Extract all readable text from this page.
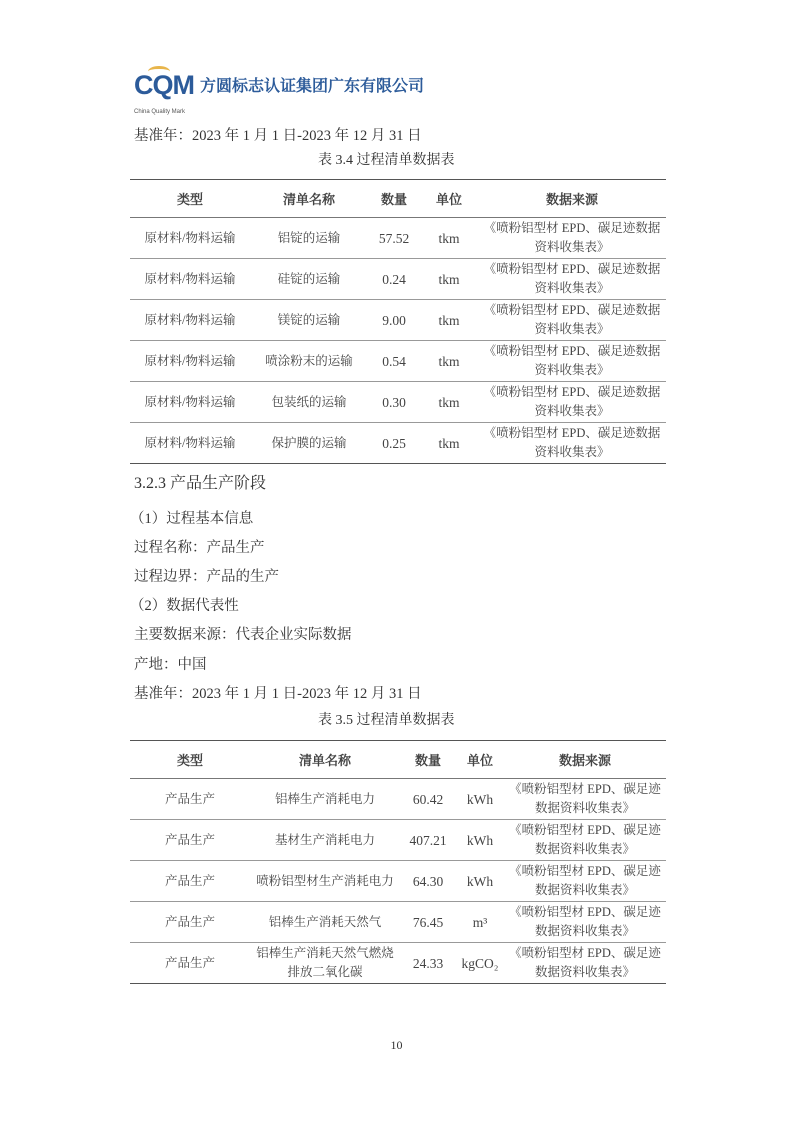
CQM
China Quality Mark
方圆标志认证集团广东有限公司
基准年：2023 年 1 月 1 日-2023 年 12 月 31 日
表 3.4 过程清单数据表
类型	清单名称	数量	单位	数据来源
原材料/物料运输	铝锭的运输	57.52	tkm	《喷粉铝型材 EPD、碳足迹数据资料收集表》
原材料/物料运输	硅锭的运输	0.24	tkm	《喷粉铝型材 EPD、碳足迹数据资料收集表》
原材料/物料运输	镁锭的运输	9.00	tkm	《喷粉铝型材 EPD、碳足迹数据资料收集表》
原材料/物料运输	喷涂粉末的运输	0.54	tkm	《喷粉铝型材 EPD、碳足迹数据资料收集表》
原材料/物料运输	包装纸的运输	0.30	tkm	《喷粉铝型材 EPD、碳足迹数据资料收集表》
原材料/物料运输	保护膜的运输	0.25	tkm	《喷粉铝型材 EPD、碳足迹数据资料收集表》
3.2.3 产品生产阶段
（1）过程基本信息
过程名称：产品生产
过程边界：产品的生产
（2）数据代表性
主要数据来源：代表企业实际数据
产地：中国
基准年：2023 年 1 月 1 日-2023 年 12 月 31 日
表 3.5 过程清单数据表
类型	清单名称	数量	单位	数据来源
产品生产	铝棒生产消耗电力	60.42	kWh	《喷粉铝型材 EPD、碳足迹数据资料收集表》
产品生产	基材生产消耗电力	407.21	kWh	《喷粉铝型材 EPD、碳足迹数据资料收集表》
产品生产	喷粉铝型材生产消耗电力	64.30	kWh	《喷粉铝型材 EPD、碳足迹数据资料收集表》
产品生产	铝棒生产消耗天然气	76.45	m³	《喷粉铝型材 EPD、碳足迹数据资料收集表》
产品生产	铝棒生产消耗天然气燃烧排放二氧化碳	24.33	kgCO₂	《喷粉铝型材 EPD、碳足迹数据资料收集表》
10
